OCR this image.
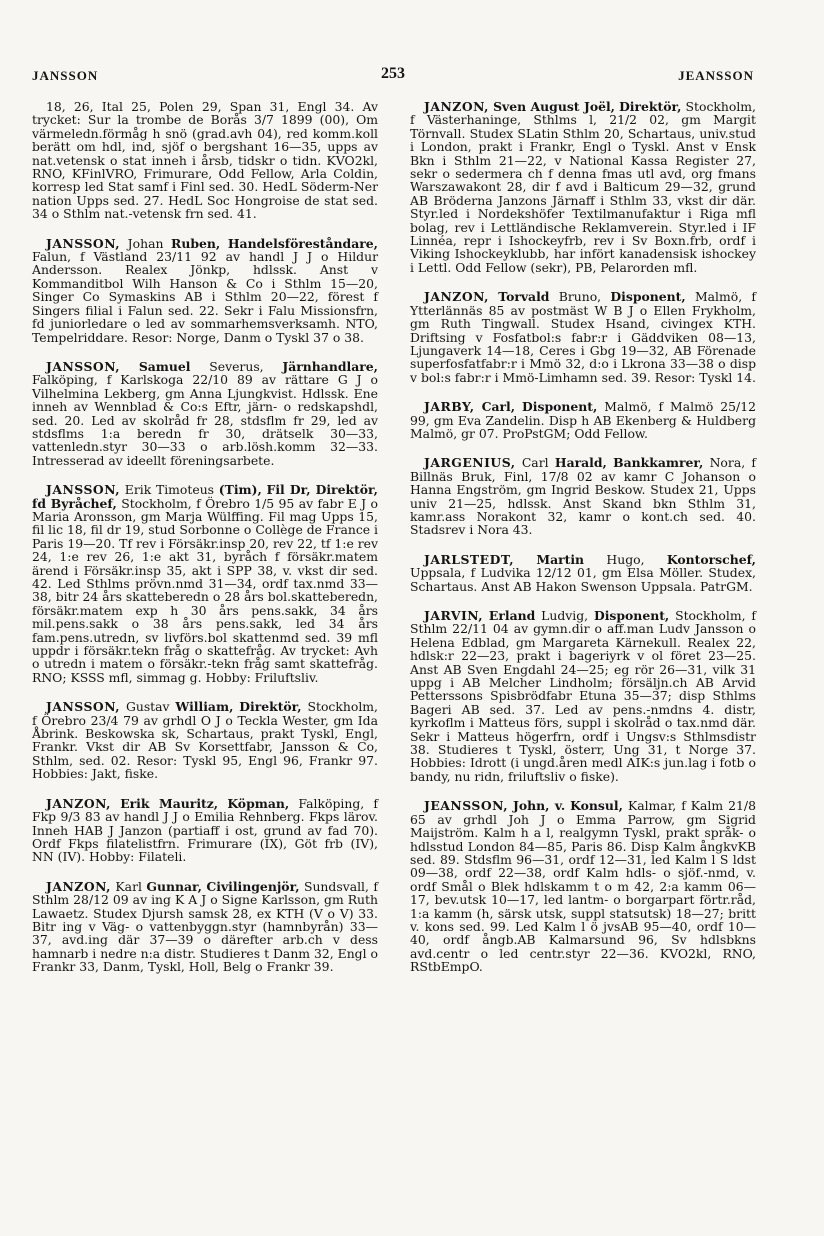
JANSSON	253	JEANSSON

18, 26, Ital 25, Polen 29, Span 31, Engl 34. Av trycket: Sur la trombe de Borås 3/7 1899 (00), Om värmeledn.förmåg h snö (grad.avh 04), red komm.koll berätt om hdl, ind, sjöf o bergshant 16—35, upps av nat.vetensk o stat inneh i årsb, tidskr o tidn. KVO2kl, RNO, KFinlVRO, Frimurare, Odd Fellow, Arla Coldin, korresp led Stat samf i Finl sed. 30. HedL Söderm-Ner nation Upps sed. 27. HedL Soc Hongroise de stat sed. 34 o Sthlm nat.-vetensk frn sed. 41.

JANSSON, Johan Ruben, Handelsföreståndare, Falun, f Västland 23/11 92 av handl J J o Hildur Andersson. Realex Jönkp, hdlssk. Anst v Kommanditbol Wilh Hanson & Co i Sthlm 15—20, Singer Co Symaskins AB i Sthlm 20—22, förest f Singers filial i Falun sed. 22. Sekr i Falu Missionsfrn, fd juniorledare o led av sommarhemsverksamh. NTO, Tempelriddare. Resor: Norge, Danm o Tyskl 37 o 38.

JANSSON, Samuel Severus, Järnhandlare, Falköping, f Karlskoga 22/10 89 av rättare G J o Vilhelmina Lekberg, gm Anna Ljungkvist. Hdlssk. Ene inneh av Wennblad & Co:s Eftr, järn- o redskapshdl, sed. 20. Led av skolråd fr 28, stdsflm fr 29, led av stdsflms 1:a beredn fr 30, drätselk 30—33, vattenledn.styr 30—33 o arb.lösh.komm 32—33. Intresserad av ideellt föreningsarbete.

JANSSON, Erik Timoteus (Tim), Fil Dr, Direktör, fd Byråchef, Stockholm, f Örebro 1/5 95 av fabr E J o Maria Aronsson, gm Marja Wülffing. Fil mag Upps 15, fil lic 18, fil dr 19, stud Sorbonne o Collège de France i Paris 19—20. Tf rev i Försäkr.insp 20, rev 22, tf 1:e rev 24, 1:e rev 26, 1:e akt 31, byråch f försäkr.matem ärend i Försäkr.insp 35, akt i SPP 38, v. vkst dir sed. 42. Led Sthlms prövn.nmd 31—34, ordf tax.nmd 33—38, bitr 24 års skatteberedn o 28 års bol.skatteberedn, försäkr.matem exp h 30 års pens.sakk, 34 års mil.pens.sakk o 38 års pens.sakk, led 34 års fam.pens.utredn, sv livförs.bol skattenmd sed. 39 mfl uppdr i försäkr.tekn fråg o skattefråg. Av trycket: Avh o utredn i matem o försäkr.-tekn fråg samt skattefråg. RNO; KSSS mfl, simmag g. Hobby: Friluftsliv.

JANSSON, Gustav William, Direktör, Stockholm, f Örebro 23/4 79 av grhdl O J o Teckla Wester, gm Ida Åbrink. Beskowska sk, Schartaus, prakt Tyskl, Engl, Frankr. Vkst dir AB Sv Korsettfabr, Jansson & Co, Sthlm, sed. 02. Resor: Tyskl 95, Engl 96, Frankr 97. Hobbies: Jakt, fiske.

JANZON, Erik Mauritz, Köpman, Falköping, f Fkp 9/3 83 av handl J J o Emilia Rehnberg. Fkps lärov. Inneh HAB J Janzon (partiaff i ost, grund av fad 70). Ordf Fkps filatelistfrn. Frimurare (IX), Göt frb (IV), NN (IV). Hobby: Filateli.

JANZON, Karl Gunnar, Civilingenjör, Sundsvall, f Sthlm 28/12 09 av ing K A J o Signe Karlsson, gm Ruth Lawaetz. Studex Djursh samsk 28, ex KTH (V o V) 33. Bitr ing v Väg- o vattenbyggn.styr (hamnbyrån) 33—37, avd.ing där 37—39 o därefter arb.ch v dess hamnarb i nedre n:a distr. Studieres t Danm 32, Engl o Frankr 33, Danm, Tyskl, Holl, Belg o Frankr 39.

JANZON, Sven August Joël, Direktör, Stockholm, f Västerhaninge, Sthlms l, 21/2 02, gm Margit Törnvall. Studex SLatin Sthlm 20, Schartaus, univ.stud i London, prakt i Frankr, Engl o Tyskl. Anst v Ensk Bkn i Sthlm 21—22, v National Kassa Register 27, sekr o sedermera ch f denna fmas utl avd, org fmans Warszawakont 28, dir f avd i Balticum 29—32, grund AB Bröderna Janzons Järnaff i Sthlm 33, vkst dir där. Styr.led i Nordekshöfer Textilmanufaktur i Riga mfl bolag, rev i Lettländische Reklamverein. Styr.led i IF Linnéa, repr i Ishockeyfrb, rev i Sv Boxn.frb, ordf i Viking Ishockeyklubb, har infört kanadensisk ishockey i Lettl. Odd Fellow (sekr), PB, Pelarorden mfl.

JANZON, Torvald Bruno, Disponent, Malmö, f Ytterlännäs 85 av postmäst W B J o Ellen Frykholm, gm Ruth Tingwall. Studex Hsand, civingex KTH. Driftsing v Fosfatbol:s fabr:r i Gäddviken 08—13, Ljungaverk 14—18, Ceres i Gbg 19—32, AB Förenade superfosfatfabr:r i Mmö 32, d:o i Lkrona 33—38 o disp v bol:s fabr:r i Mmö-Limhamn sed. 39. Resor: Tyskl 14.

JARBY, Carl, Disponent, Malmö, f Malmö 25/12 99, gm Eva Zandelin. Disp h AB Ekenberg & Huldberg Malmö, gr 07. ProPstGM; Odd Fellow.

JARGENIUS, Carl Harald, Bankkamrer, Nora, f Billnäs Bruk, Finl, 17/8 02 av kamr C Johanson o Hanna Engström, gm Ingrid Beskow. Studex 21, Upps univ 21—25, hdlssk. Anst Skand bkn Sthlm 31, kamr.ass Norakont 32, kamr o kont.ch sed. 40. Stadsrev i Nora 43.

JARLSTEDT, Martin Hugo, Kontorschef, Uppsala, f Ludvika 12/12 01, gm Elsa Möller. Studex, Schartaus. Anst AB Hakon Swenson Uppsala. PatrGM.

JARVIN, Erland Ludvig, Disponent, Stockholm, f Sthlm 22/11 04 av gymn.dir o aff.man Ludv Jansson o Helena Edblad, gm Margareta Kärnekull. Realex 22, hdlsk:r 22—23, prakt i bageriyrk v ol föret 23—25. Anst AB Sven Engdahl 24—25; eg rör 26—31, vilk 31 uppg i AB Melcher Lindholm; försäljn.ch AB Arvid Petterssons Spisbrödfabr Etuna 35—37; disp Sthlms Bageri AB sed. 37. Led av pens.-nmdns 4. distr, kyrkoflm i Matteus förs, suppl i skolråd o tax.nmd där. Sekr i Matteus högerfrn, ordf i Ungsv:s Sthlmsdistr 38. Studieres t Tyskl, österr, Ung 31, t Norge 37. Hobbies: Idrott (i ungd.åren medl AIK:s jun.lag i fotb o bandy, nu ridn, friluftsliv o fiske).

JEANSSON, John, v. Konsul, Kalmar, f Kalm 21/8 65 av grhdl Joh J o Emma Parrow, gm Sigrid Maijström. Kalm h a l, realgymn Tyskl, prakt språk- o hdlsstud London 84—85, Paris 86. Disp Kalm ångkvKB sed. 89. Stdsflm 96—31, ordf 12—31, led Kalm l S ldst 09—38, ordf 22—38, ordf Kalm hdls- o sjöf.-nmd, v. ordf Smål o Blek hdlskamm t o m 42, 2:a kamm 06—17, bev.utsk 10—17, led lantm- o borgarpart förtr.råd, 1:a kamm (h, särsk utsk, suppl statsutsk) 18—27; britt v. kons sed. 99. Led Kalm l ö jvsAB 95—40, ordf 10—40, ordf ångb.AB Kalmarsund 96, Sv hdlsbkns avd.centr o led centr.styr 22—36. KVO2kl, RNO, RStbEmpO.
